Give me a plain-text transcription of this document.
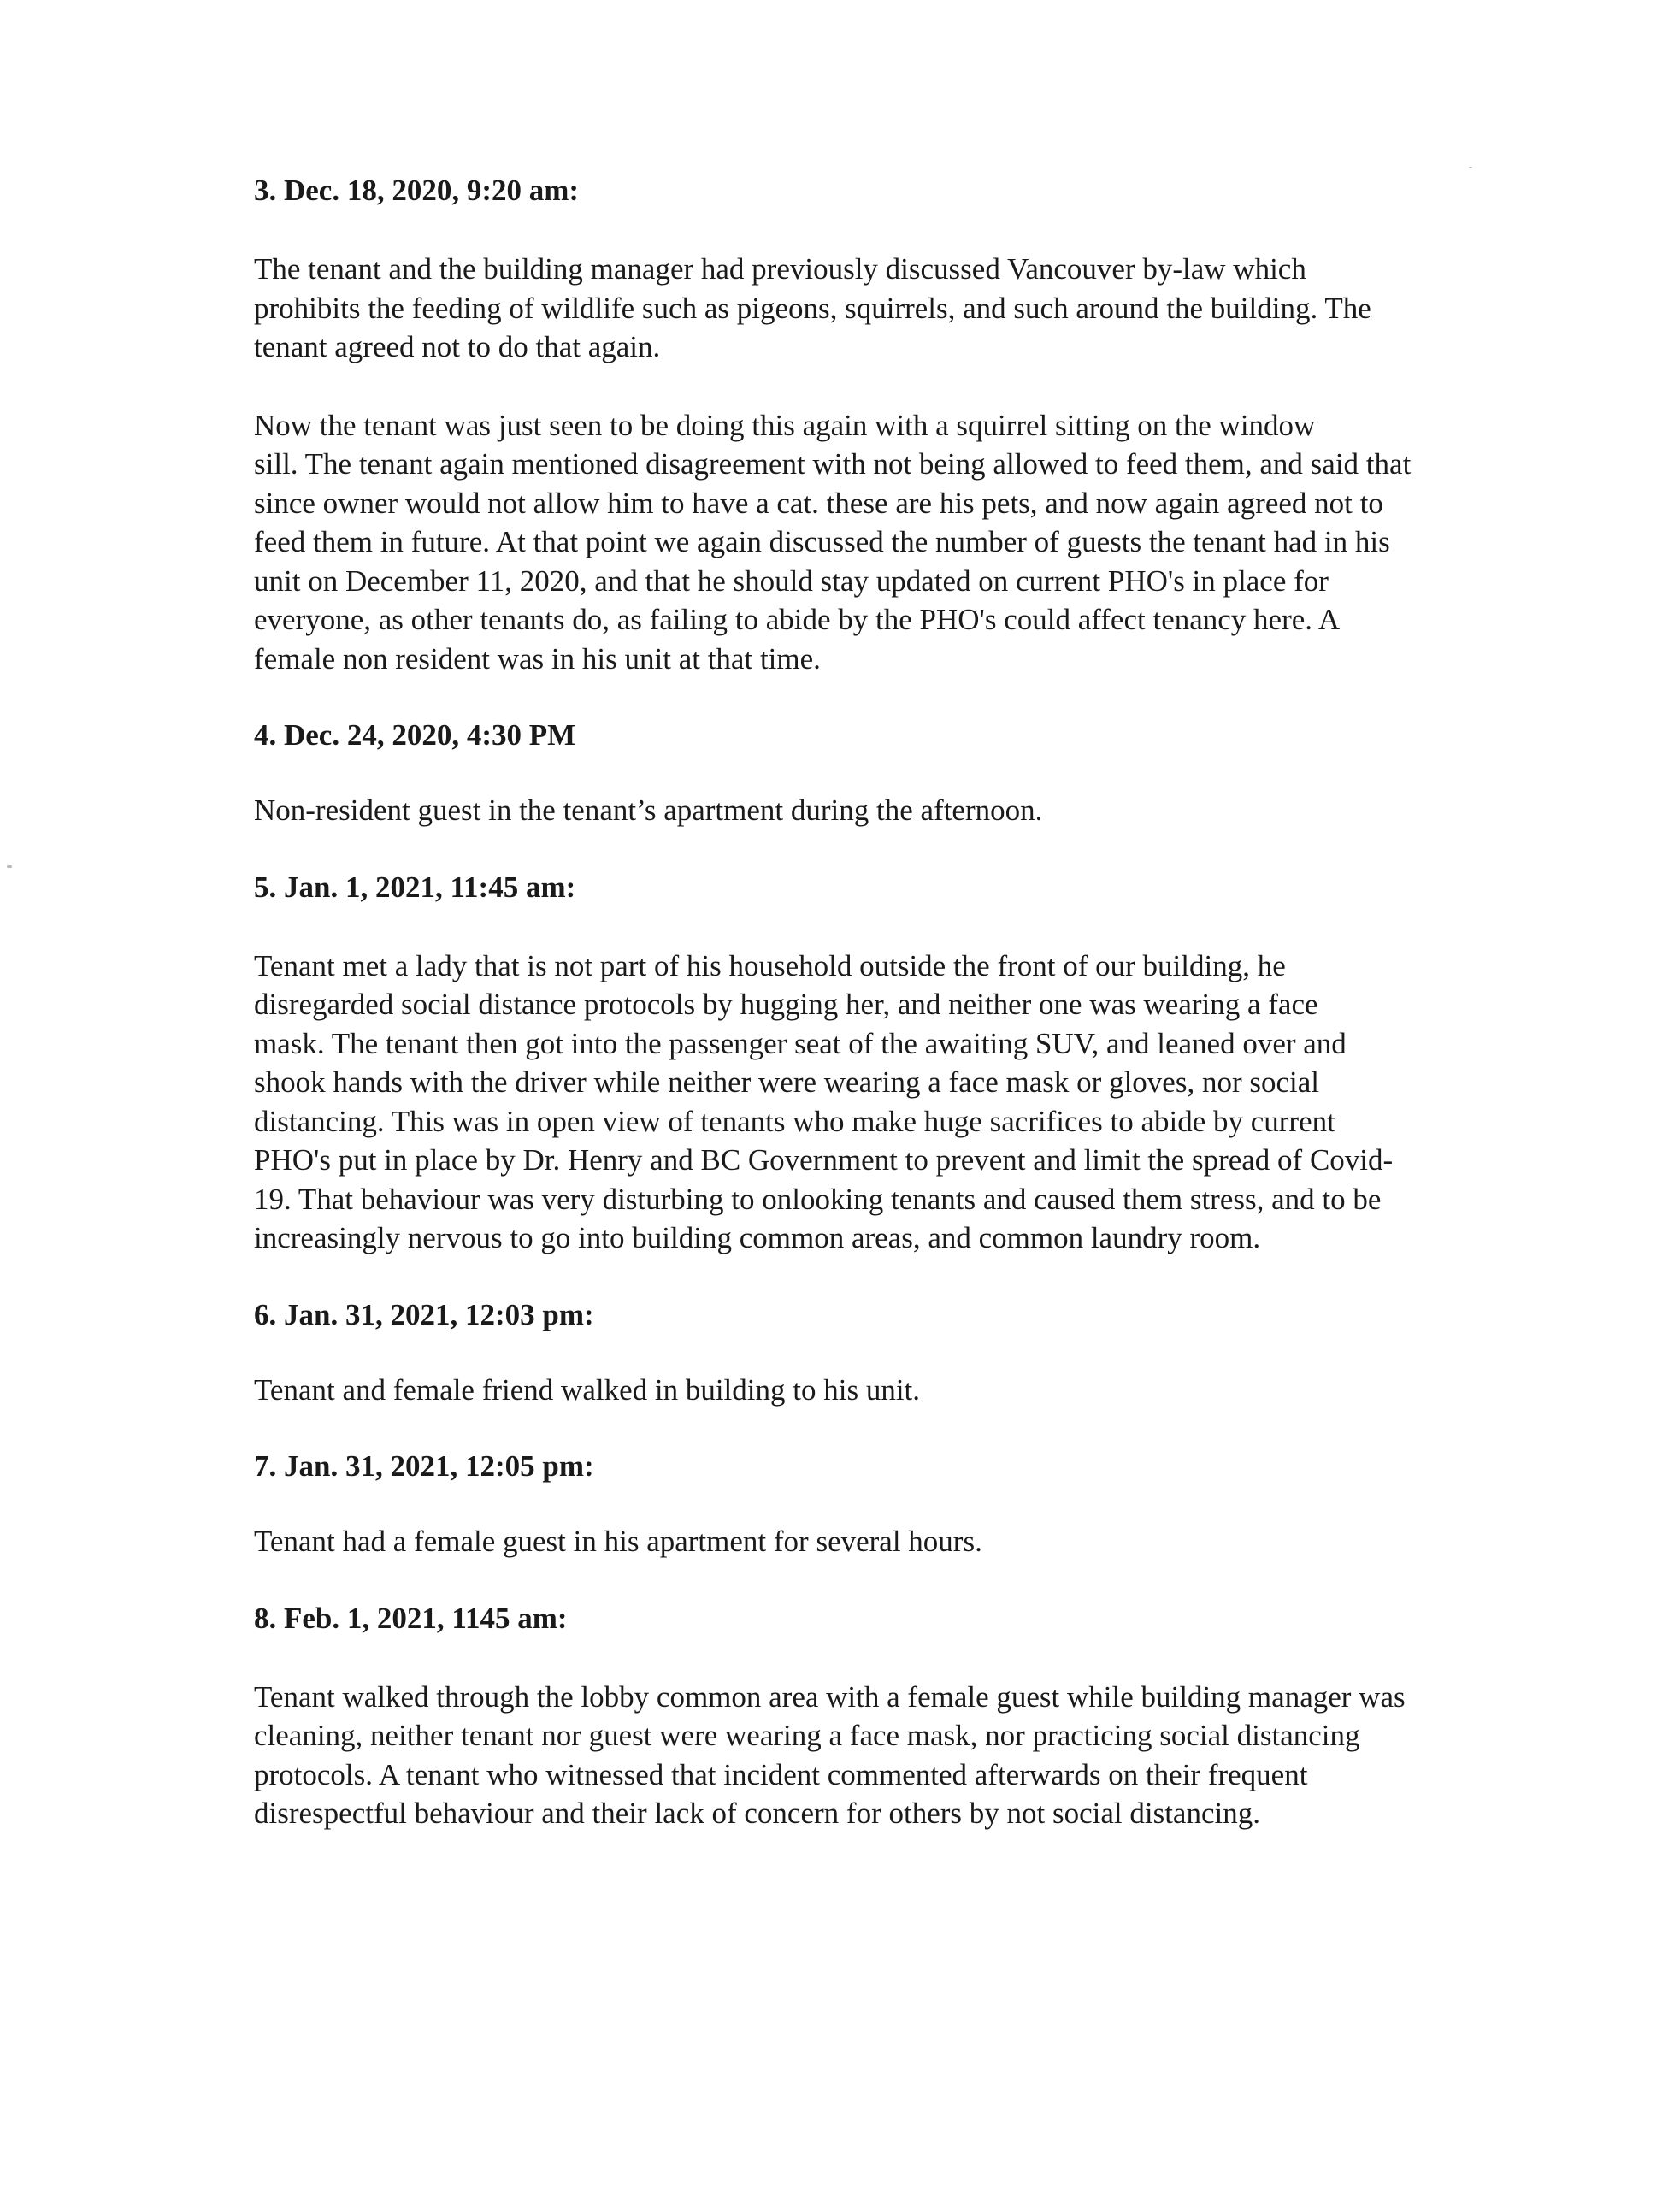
3. Dec. 18, 2020, 9:20 am:

The tenant and the building manager had previously discussed Vancouver by-law which
prohibits the feeding of wildlife such as pigeons, squirrels, and such around the building. The
tenant agreed not to do that again.

Now the tenant was just seen to be doing this again with a squirrel sitting on the window
sill. The tenant again mentioned disagreement with not being allowed to feed them, and said that
since owner would not allow him to have a cat. these are his pets, and now again agreed not to
feed them in future. At that point we again discussed the number of guests the tenant had in his
unit on December 11, 2020, and that he should stay updated on current PHO's in place for
everyone, as other tenants do, as failing to abide by the PHO's could affect tenancy here. A
female non resident was in his unit at that time.

4. Dec. 24, 2020, 4:30 PM

Non-resident guest in the tenant’s apartment during the afternoon.

5. Jan. 1, 2021, 11:45 am:

Tenant met a lady that is not part of his household outside the front of our building, he
disregarded social distance protocols by hugging her, and neither one was wearing a face
mask. The tenant then got into the passenger seat of the awaiting SUV, and leaned over and
shook hands with the driver while neither were wearing a face mask or gloves, nor social
distancing. This was in open view of tenants who make huge sacrifices to abide by current
PHO's put in place by Dr. Henry and BC Government to prevent and limit the spread of Covid-
19. That behaviour was very disturbing to onlooking tenants and caused them stress, and to be
increasingly nervous to go into building common areas, and common laundry room.

6. Jan. 31, 2021, 12:03 pm:

Tenant and female friend walked in building to his unit.

7. Jan. 31, 2021, 12:05 pm:

Tenant had a female guest in his apartment for several hours.

8. Feb. 1, 2021, 1145 am:

Tenant walked through the lobby common area with a female guest while building manager was
cleaning, neither tenant nor guest were wearing a face mask, nor practicing social distancing
protocols. A tenant who witnessed that incident commented afterwards on their frequent
disrespectful behaviour and their lack of concern for others by not social distancing.
